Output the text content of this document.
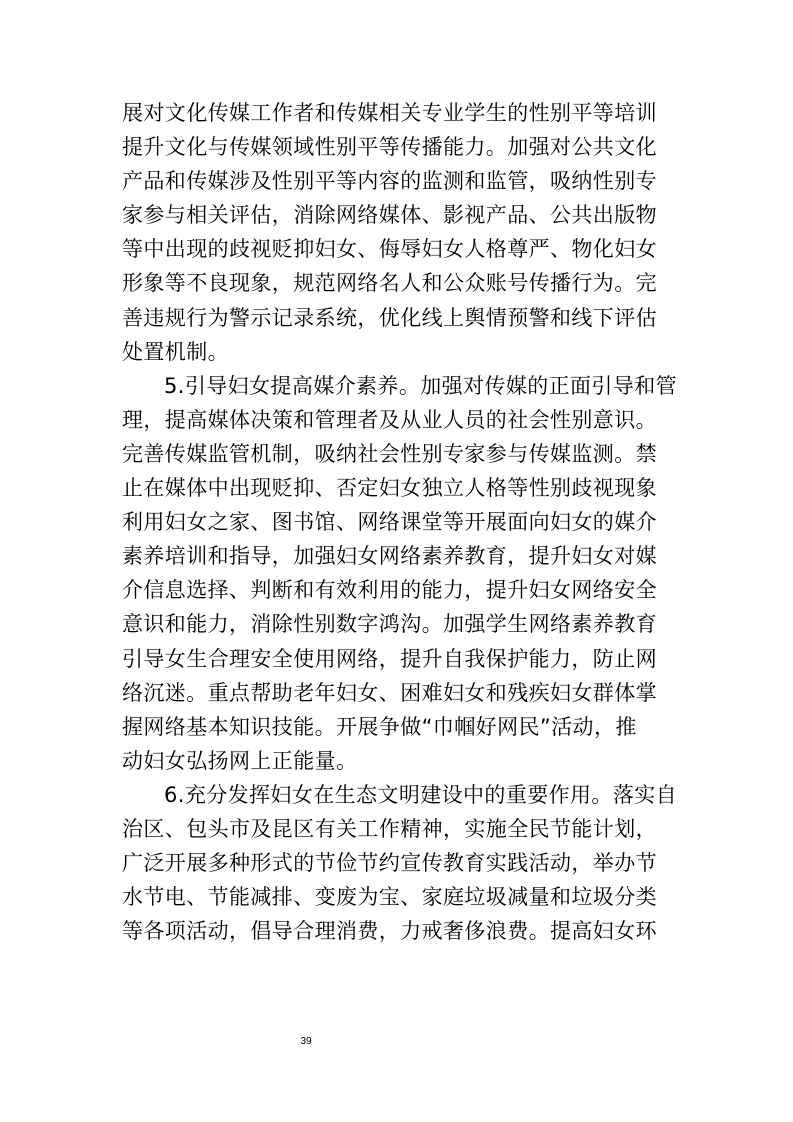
展对文化传媒工作者和传媒相关专业学生的性别平等培训
提升文化与传媒领域性别平等传播能力。加强对公共文化
产品和传媒涉及性别平等内容的监测和监管，吸纳性别专
家参与相关评估，消除网络媒体、影视产品、公共出版物
等中出现的歧视贬抑妇女、侮辱妇女人格尊严、物化妇女
形象等不良现象，规范网络名人和公众账号传播行为。完
善违规行为警示记录系统，优化线上舆情预警和线下评估
处置机制。
5.引导妇女提高媒介素养。加强对传媒的正面引导和管
理，提高媒体决策和管理者及从业人员的社会性别意识。
完善传媒监管机制，吸纳社会性别专家参与传媒监测。禁
止在媒体中出现贬抑、否定妇女独立人格等性别歧视现象
利用妇女之家、图书馆、网络课堂等开展面向妇女的媒介
素养培训和指导，加强妇女网络素养教育，提升妇女对媒
介信息选择、判断和有效利用的能力，提升妇女网络安全
意识和能力，消除性别数字鸿沟。加强学生网络素养教育
引导女生合理安全使用网络，提升自我保护能力，防止网
络沉迷。重点帮助老年妇女、困难妇女和残疾妇女群体掌
握网络基本知识技能。开展争做“巾帼好网民”活动，推
动妇女弘扬网上正能量。
6.充分发挥妇女在生态文明建设中的重要作用。落实自
治区、包头市及昆区有关工作精神，实施全民节能计划，
广泛开展多种形式的节俭节约宣传教育实践活动，举办节
水节电、节能减排、变废为宝、家庭垃圾减量和垃圾分类
等各项活动，倡导合理消费，力戒奢侈浪费。提高妇女环
39
